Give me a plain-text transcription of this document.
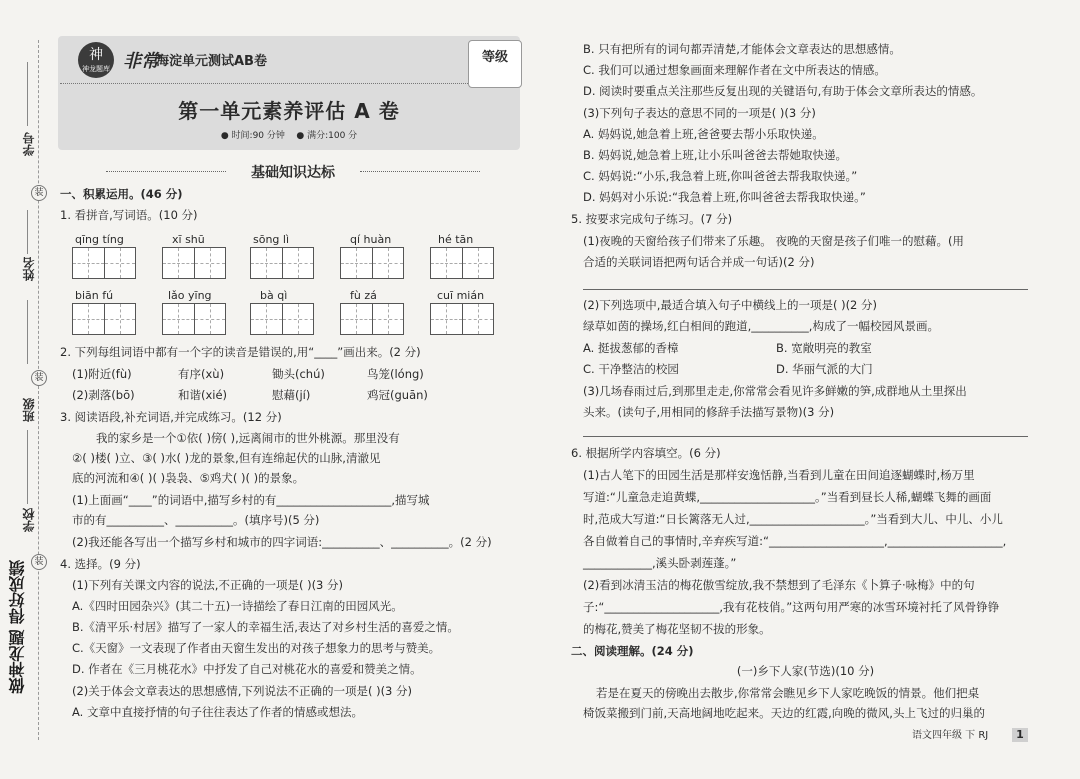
学号
装
姓名
装
班级
学校
装
做神龙题 得好成绩
神
神龙题库 非常
海淀单元测试AB卷
第一单元素养评估 A 卷
● 时间:90 分钟 ● 满分:100 分
等级
基础知识达标
一、积累运用。(46 分)
1. 看拼音,写词语。(10 分)
qīng tíng	xī shū	sōng lì	qí huàn	hé tān
biān fú	lǎo yīng	bà qì	fù zá	cuī mián
2. 下列每组词语中都有一个字的读音是错误的,用“____”画出来。(2 分)
(1)附近(fù)	有序(xù)	锄头(chú)	鸟笼(lóng)
(2)剥落(bō)	和谐(xié)	慰藉(jí)	鸡冠(guān)
3. 阅读语段,补充词语,并完成练习。(12 分)
我的家乡是一个①依( )傍( ),远离闹市的世外桃源。那里没有
②( )楼( )立、③( )水( )龙的景象,但有连绵起伏的山脉,清澈见
底的河流和④( )( )袅袅、⑤鸡犬( )( )的景象。
(1)上面画“____”的词语中,描写乡村的有____________________,描写城
市的有__________、__________。(填序号)(5 分)
(2)我还能各写出一个描写乡村和城市的四字词语:__________、__________。(2 分)
4. 选择。(9 分)
(1)下列有关课文内容的说法,不正确的一项是( )(3 分)
A.《四时田园杂兴》(其二十五)一诗描绘了春日江南的田园风光。
B.《清平乐·村居》描写了一家人的幸福生活,表达了对乡村生活的喜爱之情。
C.《天窗》一文表现了作者由天窗生发出的对孩子想象力的思考与赞美。
D. 作者在《三月桃花水》中抒发了自己对桃花水的喜爱和赞美之情。
(2)关于体会文章表达的思想感情,下列说法不正确的一项是( )(3 分)
A. 文章中直接抒情的句子往往表达了作者的情感或想法。
B. 只有把所有的词句都弄清楚,才能体会文章表达的思想感情。
C. 我们可以通过想象画面来理解作者在文中所表达的情感。
D. 阅读时要重点关注那些反复出现的关键语句,有助于体会文章所表达的情感。
(3)下列句子表达的意思不同的一项是( )(3 分)
A. 妈妈说,她急着上班,爸爸要去帮小乐取快递。
B. 妈妈说,她急着上班,让小乐叫爸爸去帮她取快递。
C. 妈妈说:“小乐,我急着上班,你叫爸爸去帮我取快递。”
D. 妈妈对小乐说:“我急着上班,你叫爸爸去帮我取快递。”
5. 按要求完成句子练习。(7 分)
(1)夜晚的天窗给孩子们带来了乐趣。 夜晚的天窗是孩子们唯一的慰藉。(用
合适的关联词语把两句话合并成一句话)(2 分)
(2)下列选项中,最适合填入句子中横线上的一项是( )(2 分)
绿草如茵的操场,红白相间的跑道,__________,构成了一幅校园风景画。
A. 挺拔葱郁的香樟	B. 宽敞明亮的教室
C. 干净整洁的校园	D. 华丽气派的大门
(3)几场春雨过后,到那里走走,你常常会看见许多鲜嫩的笋,成群地从土里探出
头来。(读句子,用相同的修辞手法描写景物)(3 分)
6. 根据所学内容填空。(6 分)
(1)古人笔下的田园生活是那样安逸恬静,当看到儿童在田间追逐蝴蝶时,杨万里
写道:“儿童急走追黄蝶,____________________。”当看到昼长人稀,蝴蝶飞舞的画面
时,范成大写道:“日长篱落无人过,____________________。”当看到大儿、中儿、小儿
各自做着自己的事情时,辛弃疾写道:“____________________,____________________,
____________,溪头卧剥莲蓬。”
(2)看到冰清玉洁的梅花傲雪绽放,我不禁想到了毛泽东《卜算子·咏梅》中的句
子:“____________________,我有花枝俏。”这两句用严寒的冰雪环境衬托了风骨铮铮
的梅花,赞美了梅花坚韧不拔的形象。
二、阅读理解。(24 分)
(一)乡下人家(节选)(10 分)
若是在夏天的傍晚出去散步,你常常会瞧见乡下人家吃晚饭的情景。他们把桌
椅饭菜搬到门前,天高地阔地吃起来。天边的红霞,向晚的微风,头上飞过的归巢的
语文四年级 下 RJ	1
